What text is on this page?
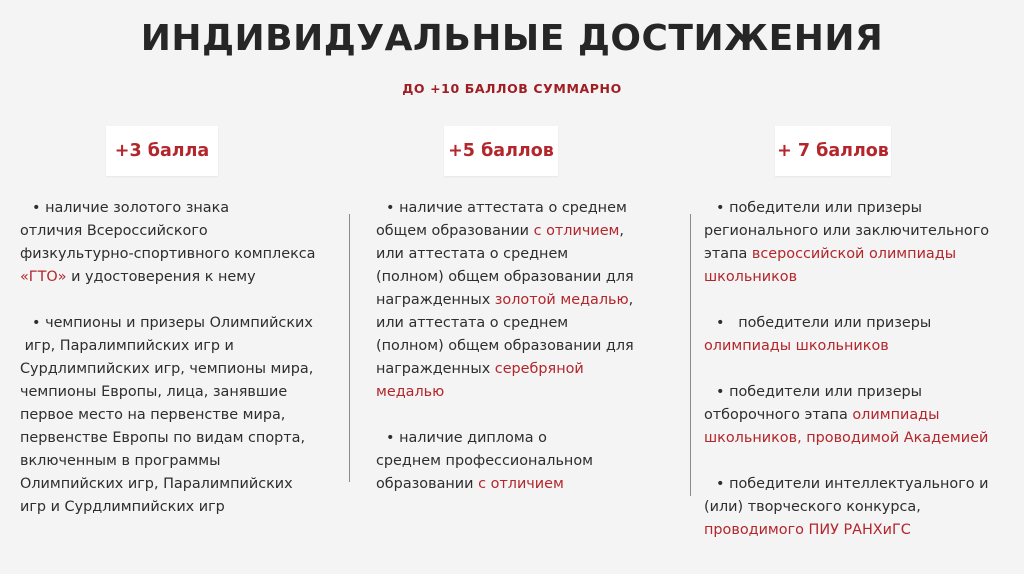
ИНДИВИДУАЛЬНЫЕ ДОСТИЖЕНИЯ
ДО +10 БАЛЛОВ СУММАРНО
+3 балла	+5 баллов	+ 7 баллов
• наличие золотого знака
отличия Всероссийского
физкультурно-спортивного комплекса
«ГТО» и удостоверения к нему
• чемпионы и призеры Олимпийских
игр, Паралимпийских игр и
Сурдлимпийских игр, чемпионы мира,
чемпионы Европы, лица, занявшие
первое место на первенстве мира,
первенстве Европы по видам спорта,
включенным в программы
Олимпийских игр, Паралимпийских
игр и Сурдлимпийских игр
• наличие аттестата о среднем
общем образовании с отличием,
или аттестата о среднем
(полном) общем образовании для
награжденных золотой медалью,
или аттестата о среднем
(полном) общем образовании для
награжденных серебряной
медалью
• наличие диплома о
среднем профессиональном
образовании с отличием
• победители или призеры
регионального или заключительного
этапа всероссийской олимпиады
школьников
•   победители или призеры
олимпиады школьников
• победители или призеры
отборочного этапа олимпиады
школьников, проводимой Академией
• победители интеллектуального и
(или) творческого конкурса,
проводимого ПИУ РАНХиГС
